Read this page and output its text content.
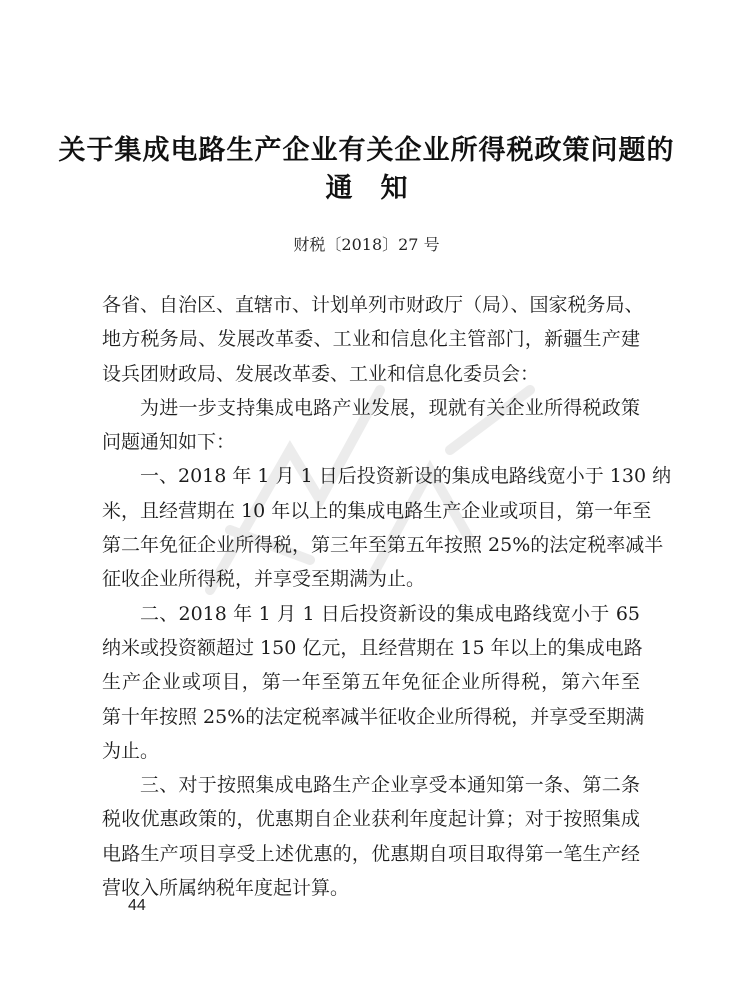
关于集成电路生产企业有关企业所得税政策问题的
通知
财税〔2018〕27 号
各省、自治区、直辖市、计划单列市财政厅（局）、国家税务局、
地方税务局、发展改革委、工业和信息化主管部门，新疆生产建
设兵团财政局、发展改革委、工业和信息化委员会：
为进一步支持集成电路产业发展，现就有关企业所得税政策
问题通知如下：
一、2018 年 1 月 1 日后投资新设的集成电路线宽小于 130 纳
米，且经营期在 10 年以上的集成电路生产企业或项目，第一年至
第二年免征企业所得税，第三年至第五年按照 25%的法定税率减半
征收企业所得税，并享受至期满为止。
二、2018 年 1 月 1 日后投资新设的集成电路线宽小于 65
纳米或投资额超过 150 亿元，且经营期在 15 年以上的集成电路
生产企业或项目，第一年至第五年免征企业所得税，第六年至
第十年按照 25%的法定税率减半征收企业所得税，并享受至期满
为止。
三、对于按照集成电路生产企业享受本通知第一条、第二条
税收优惠政策的，优惠期自企业获利年度起计算；对于按照集成
电路生产项目享受上述优惠的，优惠期自项目取得第一笔生产经
营收入所属纳税年度起计算。
44
